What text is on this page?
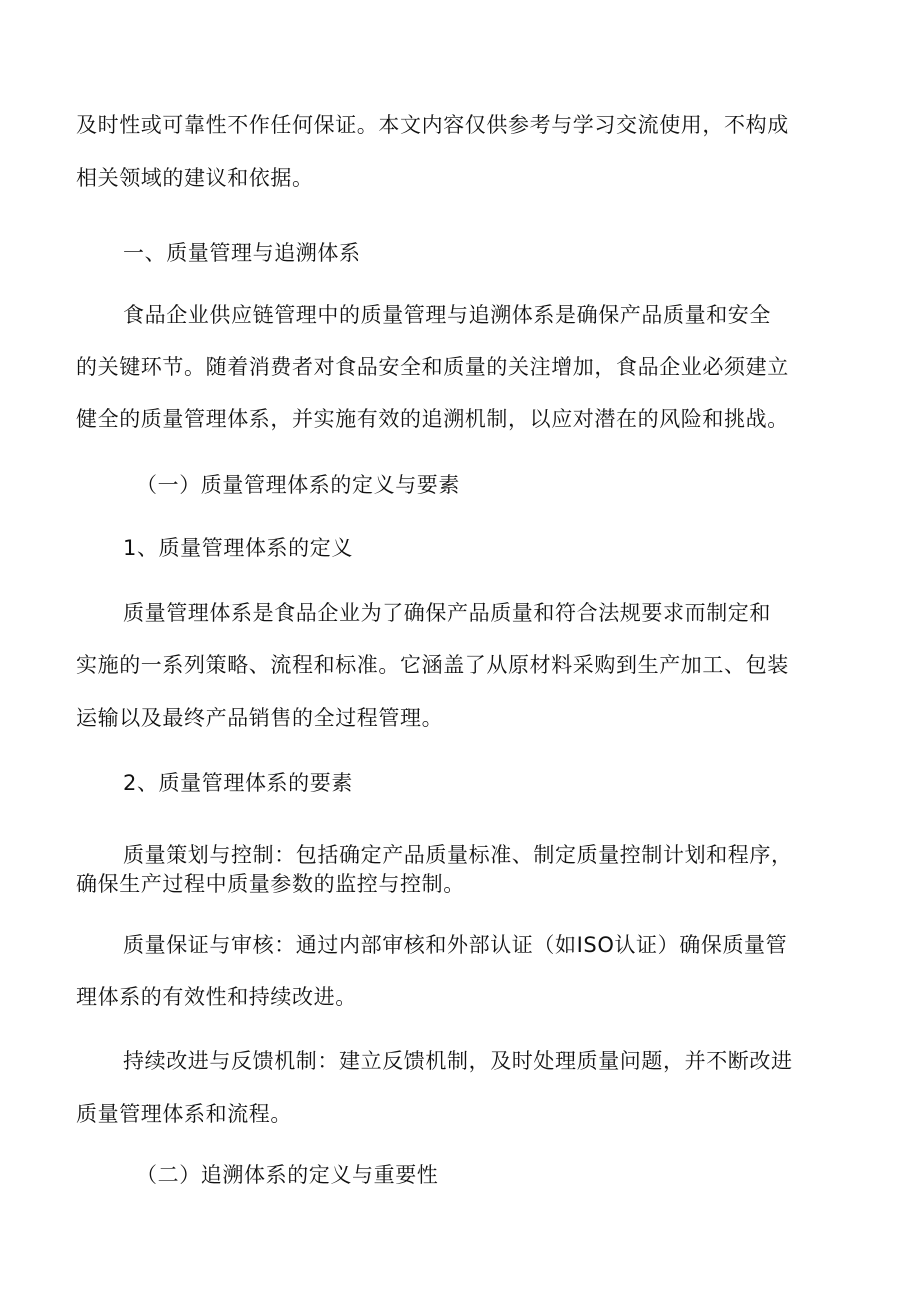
及时性或可靠性不作任何保证。本文内容仅供参考与学习交流使用，不构成
相关领域的建议和依据。
一、质量管理与追溯体系
食品企业供应链管理中的质量管理与追溯体系是确保产品质量和安全
的关键环节。随着消费者对食品安全和质量的关注增加，食品企业必须建立
健全的质量管理体系，并实施有效的追溯机制，以应对潜在的风险和挑战。
（一）质量管理体系的定义与要素
1、质量管理体系的定义
质量管理体系是食品企业为了确保产品质量和符合法规要求而制定和
实施的一系列策略、流程和标准。它涵盖了从原材料采购到生产加工、包装
运输以及最终产品销售的全过程管理。
2、质量管理体系的要素
质量策划与控制：包括确定产品质量标准、制定质量控制计划和程序，
确保生产过程中质量参数的监控与控制。
质量保证与审核：通过内部审核和外部认证（如ISO认证）确保质量管
理体系的有效性和持续改进。
持续改进与反馈机制：建立反馈机制，及时处理质量问题，并不断改进
质量管理体系和流程。
（二）追溯体系的定义与重要性
